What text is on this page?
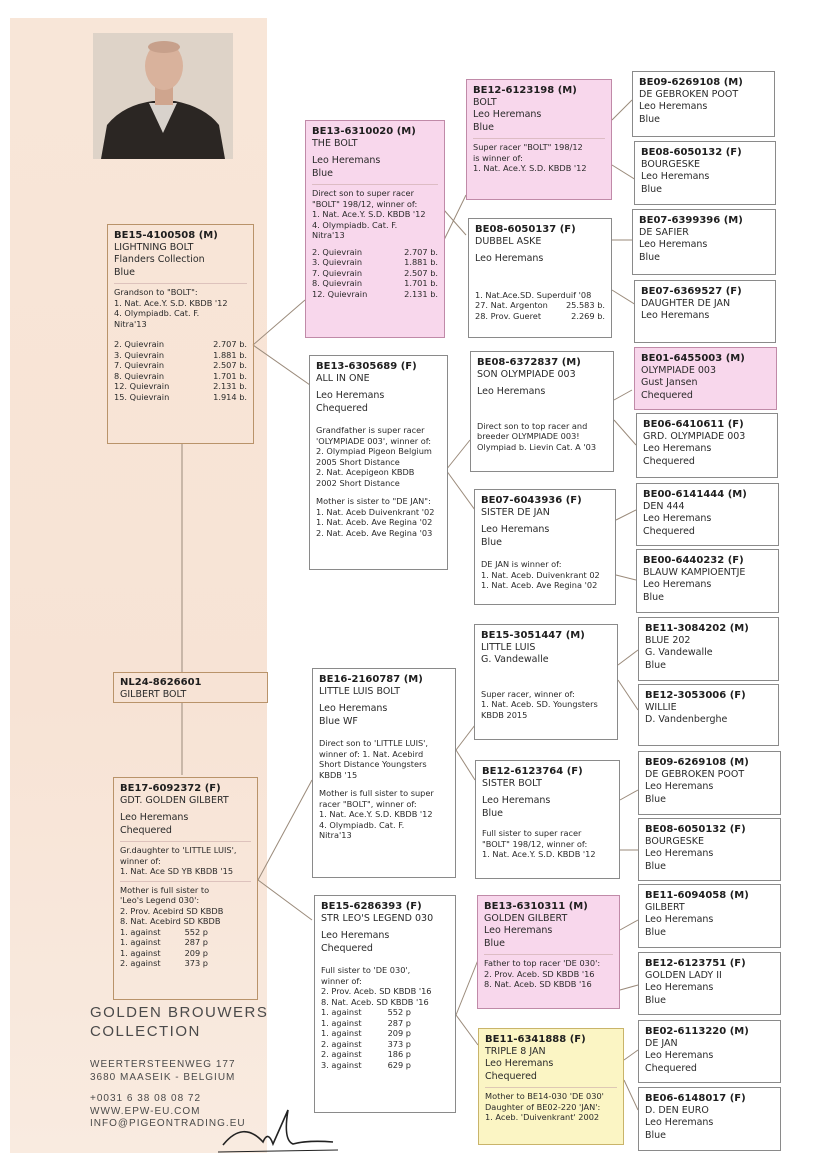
BE15-4100508 (M)
LIGHTNING BOLT
Flanders Collection
Blue
Grandson to "BOLT":
1. Nat. Ace.Y. S.D. KBDB '12
4. Olympiadb. Cat. F.
Nitra'13
2. Quievrain	2.707 b.
3. Quievrain	1.881 b.
7. Quievrain	2.507 b.
8. Quievrain	1.701 b.
12. Quievrain	2.131 b.
15. Quievrain	1.914 b.
NL24-8626601
GILBERT BOLT
BE17-6092372 (F)
GDT. GOLDEN GILBERT
Leo Heremans
Chequered
Gr.daughter to 'LITTLE LUIS',
winner of:
1. Nat. Ace SD YB KBDB '15
Mother is full sister to
'Leo's Legend 030':
2. Prov. Acebird SD KBDB
8. Nat. Acebird SD KBDB
1. against	552 p
1. against	287 p
1. against	209 p
2. against	373 p
GOLDEN BROUWERS
COLLECTION
WEERTERSTEENWEG 177
3680 MAASEIK - BELGIUM
+0031 6 38 08 08 72
WWW.EPW-EU.COM
INFO@PIGEONTRADING.EU
BE13-6310020 (M)
THE BOLT
Leo Heremans
Blue
Direct son to super racer
"BOLT" 198/12, winner of:
1. Nat. Ace.Y. S.D. KBDB '12
4. Olympiadb. Cat. F.
Nitra'13
2. Quievrain	2.707 b.
3. Quievrain	1.881 b.
7. Quievrain	2.507 b.
8. Quievrain	1.701 b.
12. Quievrain	2.131 b.
BE13-6305689 (F)
ALL IN ONE
Leo Heremans
Chequered
Grandfather is super racer
'OLYMPIADE 003', winner of:
2. Olympiad Pigeon Belgium
2005 Short Distance
2. Nat. Acepigeon KBDB
2002 Short Distance
Mother is sister to "DE JAN":
1. Nat. Aceb Duivenkrant '02
1. Nat. Aceb. Ave Regina '02
2. Nat. Aceb. Ave Regina '03
BE16-2160787 (M)
LITTLE LUIS BOLT
Leo Heremans
Blue WF
Direct son to 'LITTLE LUIS',
winner of: 1. Nat. Acebird
Short Distance Youngsters
KBDB '15
Mother is full sister to super
racer "BOLT", winner of:
1. Nat. Ace.Y. S.D. KBDB '12
4. Olympiadb. Cat. F.
Nitra'13
BE15-6286393 (F)
STR LEO'S LEGEND 030
Leo Heremans
Chequered
Full sister to 'DE 030',
winner of:
2. Prov. Aceb. SD KBDB '16
8. Nat. Aceb. SD KBDB '16
1. against	552 p
1. against	287 p
1. against	209 p
2. against	373 p
2. against	186 p
3. against	629 p
BE12-6123198 (M)
BOLT
Leo Heremans
Blue
Super racer "BOLT" 198/12
is winner of:
1. Nat. Ace.Y. S.D. KBDB '12
BE08-6050137 (F)
DUBBEL ASKE
Leo Heremans
1. Nat.Ace.SD. Superduif '08
27. Nat. Argenton	25.583 b.
28. Prov. Gueret	2.269 b.
BE08-6372837 (M)
SON OLYMPIADE 003
Leo Heremans
Direct son to top racer and
breeder OLYMPIADE 003!
Olympiad b. Lievin Cat. A '03
BE07-6043936 (F)
SISTER DE JAN
Leo Heremans
Blue
DE JAN is winner of:
1. Nat. Aceb. Duivenkrant 02
1. Nat. Aceb. Ave Regina '02
BE15-3051447 (M)
LITTLE LUIS
G. Vandewalle
Super racer, winner of:
1. Nat. Aceb. SD. Youngsters
KBDB 2015
BE12-6123764 (F)
SISTER BOLT
Leo Heremans
Blue
Full sister to super racer
"BOLT" 198/12, winner of:
1. Nat. Ace.Y. S.D. KBDB '12
BE13-6310311 (M)
GOLDEN GILBERT
Leo Heremans
Blue
Father to top racer 'DE 030':
2. Prov. Aceb. SD KBDB '16
8. Nat. Aceb. SD KBDB '16
BE11-6341888 (F)
TRIPLE 8 JAN
Leo Heremans
Chequered
Mother to BE14-030 'DE 030'
Daughter of BE02-220 'JAN':
1. Aceb. 'Duivenkrant' 2002
BE09-6269108 (M)
DE GEBROKEN POOT
Leo Heremans
Blue
BE08-6050132 (F)
BOURGESKE
Leo Heremans
Blue
BE07-6399396 (M)
DE SAFIER
Leo Heremans
Blue
BE07-6369527 (F)
DAUGHTER DE JAN
Leo Heremans
BE01-6455003 (M)
OLYMPIADE 003
Gust Jansen
Chequered
BE06-6410611 (F)
GRD. OLYMPIADE 003
Leo Heremans
Chequered
BE00-6141444 (M)
DEN 444
Leo Heremans
Chequered
BE00-6440232 (F)
BLAUW KAMPIOENTJE
Leo Heremans
Blue
BE11-3084202 (M)
BLUE 202
G. Vandewalle
Blue
BE12-3053006 (F)
WILLIE
D. Vandenberghe
BE09-6269108 (M)
DE GEBROKEN POOT
Leo Heremans
Blue
BE08-6050132 (F)
BOURGESKE
Leo Heremans
Blue
BE11-6094058 (M)
GILBERT
Leo Heremans
Blue
BE12-6123751 (F)
GOLDEN LADY II
Leo Heremans
Blue
BE02-6113220 (M)
DE JAN
Leo Heremans
Chequered
BE06-6148017 (F)
D. DEN EURO
Leo Heremans
Blue
